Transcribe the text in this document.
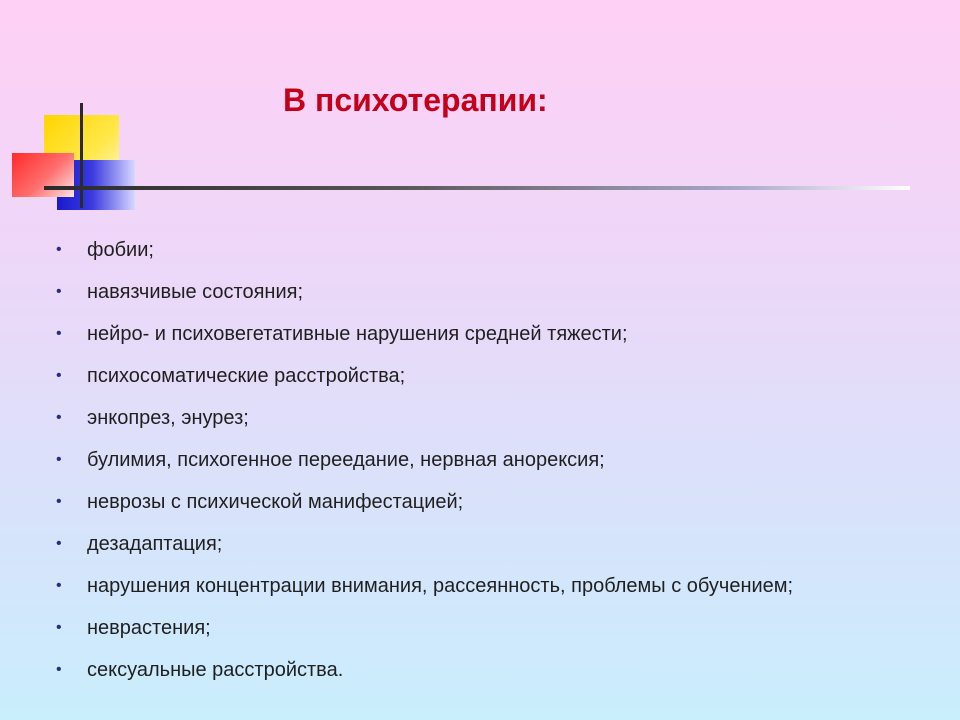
В психотерапии:
• фобии;
• навязчивые состояния;
• нейро- и психовегетативные нарушения средней тяжести;
• психосоматические расстройства;
• энкопрез, энурез;
• булимия, психогенное переедание, нервная анорексия;
• неврозы с психической манифестацией;
• дезадаптация;
• нарушения концентрации внимания, рассеянность, проблемы с обучением;
• неврастения;
• сексуальные расстройства.
